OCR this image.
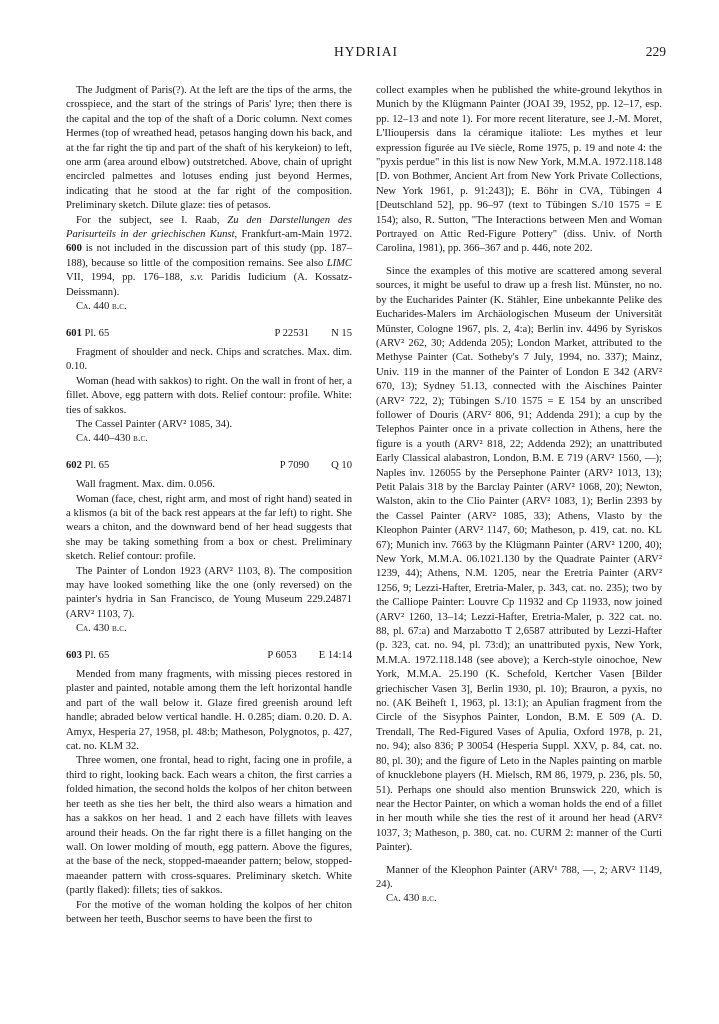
HYDRIAI	229

The Judgment of Paris(?). At the left are the tips of the arms, the crosspiece, and the start of the strings of Paris' lyre; then there is the capital and the top of the shaft of a Doric column. Next comes Hermes (top of wreathed head, petasos hanging down his back, and at the far right the tip and part of the shaft of his kerykeion) to left, one arm (area around elbow) outstretched. Above, chain of upright encircled palmettes and lotuses ending just beyond Hermes, indicating that he stood at the far right of the composition. Preliminary sketch. Dilute glaze: ties of petasos.

For the subject, see I. Raab, Zu den Darstellungen des Parisurteils in der griechischen Kunst, Frankfurt-am-Main 1972. 600 is not included in the discussion part of this study (pp. 187–188), because so little of the composition remains. See also LIMC VII, 1994, pp. 176–188, s.v. Paridis Iudicium (A. Kossatz-Deissmann).

Ca. 440 b.c.

601 Pl. 65	P 22531 N 15

Fragment of shoulder and neck. Chips and scratches. Max. dim. 0.10.

Woman (head with sakkos) to right. On the wall in front of her, a fillet. Above, egg pattern with dots. Relief contour: profile. White: ties of sakkos.

The Cassel Painter (ARV² 1085, 34).

Ca. 440–430 b.c.

602 Pl. 65	P 7090 Q 10

Wall fragment. Max. dim. 0.056.

Woman (face, chest, right arm, and most of right hand) seated in a klismos (a bit of the back rest appears at the far left) to right. She wears a chiton, and the downward bend of her head suggests that she may be taking something from a box or chest. Preliminary sketch. Relief contour: profile.

The Painter of London 1923 (ARV² 1103, 8). The composition may have looked something like the one (only reversed) on the painter's hydria in San Francisco, de Young Museum 229.24871 (ARV² 1103, 7).

Ca. 430 b.c.

603 Pl. 65	P 6053 E 14:14

Mended from many fragments, with missing pieces restored in plaster and painted, notable among them the left horizontal handle and part of the wall below it. Glaze fired greenish around left handle; abraded below vertical handle. H. 0.285; diam. 0.20. D. A. Amyx, Hesperia 27, 1958, pl. 48:b; Matheson, Polygnotos, p. 427, cat. no. KLM 32.

Three women, one frontal, head to right, facing one in profile, a third to right, looking back. Each wears a chiton, the first carries a folded himation, the second holds the kolpos of her chiton between her teeth as she ties her belt, the third also wears a himation and has a sakkos on her head. 1 and 2 each have fillets with leaves around their heads. On the far right there is a fillet hanging on the wall. On lower molding of mouth, egg pattern. Above the figures, at the base of the neck, stopped-maeander pattern; below, stopped-maeander pattern with cross-squares. Preliminary sketch. White (partly flaked): fillets; ties of sakkos.

For the motive of the woman holding the kolpos of her chiton between her teeth, Buschor seems to have been the first to

collect examples when he published the white-ground lekythos in Munich by the Klügmann Painter (JOAI 39, 1952, pp. 12–17, esp. pp. 12–13 and note 1). For more recent literature, see J.-M. Moret, L'Ilioupersis dans la céramique italiote: Les mythes et leur expression figurée au IVe siècle, Rome 1975, p. 19 and note 4: the "pyxis perdue" in this list is now New York, M.M.A. 1972.118.148 [D. von Bothmer, Ancient Art from New York Private Collections, New York 1961, p. 91:243]); E. Böhr in CVA, Tübingen 4 [Deutschland 52], pp. 96–97 (text to Tübingen S./10 1575 = E 154); also, R. Sutton, "The Interactions between Men and Woman Portrayed on Attic Red-Figure Pottery" (diss. Univ. of North Carolina, 1981), pp. 366–367 and p. 446, note 202.

Since the examples of this motive are scattered among several sources, it might be useful to draw up a fresh list. Münster, no no. by the Eucharides Painter (K. Stähler, Eine unbekannte Pelike des Eucharides-Malers im Archäologischen Museum der Universität Münster, Cologne 1967, pls. 2, 4:a); Berlin inv. 4496 by Syriskos (ARV² 262, 30; Addenda 205); London Market, attributed to the Methyse Painter (Cat. Sotheby's 7 July, 1994, no. 337); Mainz, Univ. 119 in the manner of the Painter of London E 342 (ARV² 670, 13); Sydney 51.13, connected with the Aischines Painter (ARV² 722, 2); Tübingen S./10 1575 = E 154 by an unscribed follower of Douris (ARV² 806, 91; Addenda 291); a cup by the Telephos Painter once in a private collection in Athens, here the figure is a youth (ARV² 818, 22; Addenda 292); an unattributed Early Classical alabastron, London, B.M. E 719 (ARV² 1560, —); Naples inv. 126055 by the Persephone Painter (ARV² 1013, 13); Petit Palais 318 by the Barclay Painter (ARV² 1068, 20); Newton, Walston, akin to the Clio Painter (ARV² 1083, 1); Berlin 2393 by the Cassel Painter (ARV² 1085, 33); Athens, Vlasto by the Kleophon Painter (ARV² 1147, 60; Matheson, p. 419, cat. no. KL 67); Munich inv. 7663 by the Klügmann Painter (ARV² 1200, 40); New York, M.M.A. 06.1021.130 by the Quadrate Painter (ARV² 1239, 44); Athens, N.M. 1205, near the Eretria Painter (ARV² 1256, 9; Lezzi-Hafter, Eretria-Maler, p. 343, cat. no. 235); two by the Calliope Painter: Louvre Cp 11932 and Cp 11933, now joined (ARV² 1260, 13–14; Lezzi-Hafter, Eretria-Maler, p. 322 cat. no. 88, pl. 67:a) and Marzabotto T 2,6587 attributed by Lezzi-Hafter (p. 323, cat. no. 94, pl. 73:d); an unattributed pyxis, New York, M.M.A. 1972.118.148 (see above); a Kerch-style oinochoe, New York, M.M.A. 25.190 (K. Schefold, Kertcher Vasen [Bilder griechischer Vasen 3], Berlin 1930, pl. 10); Brauron, a pyxis, no no. (AK Beiheft 1, 1963, pl. 13:1); an Apulian fragment from the Circle of the Sisyphos Painter, London, B.M. E 509 (A. D. Trendall, The Red-Figured Vases of Apulia, Oxford 1978, p. 21, no. 94); also 836; P 30054 (Hesperia Suppl. XXV, p. 84, cat. no. 80, pl. 30); and the figure of Leto in the Naples painting on marble of knucklebone players (H. Mielsch, RM 86, 1979, p. 236, pls. 50, 51). Perhaps one should also mention Brunswick 220, which is near the Hector Painter, on which a woman holds the end of a fillet in her mouth while she ties the rest of it around her head (ARV² 1037, 3; Matheson, p. 380, cat. no. CURM 2: manner of the Curti Painter).

Manner of the Kleophon Painter (ARV¹ 788, —, 2; ARV² 1149, 24).

Ca. 430 b.c.
